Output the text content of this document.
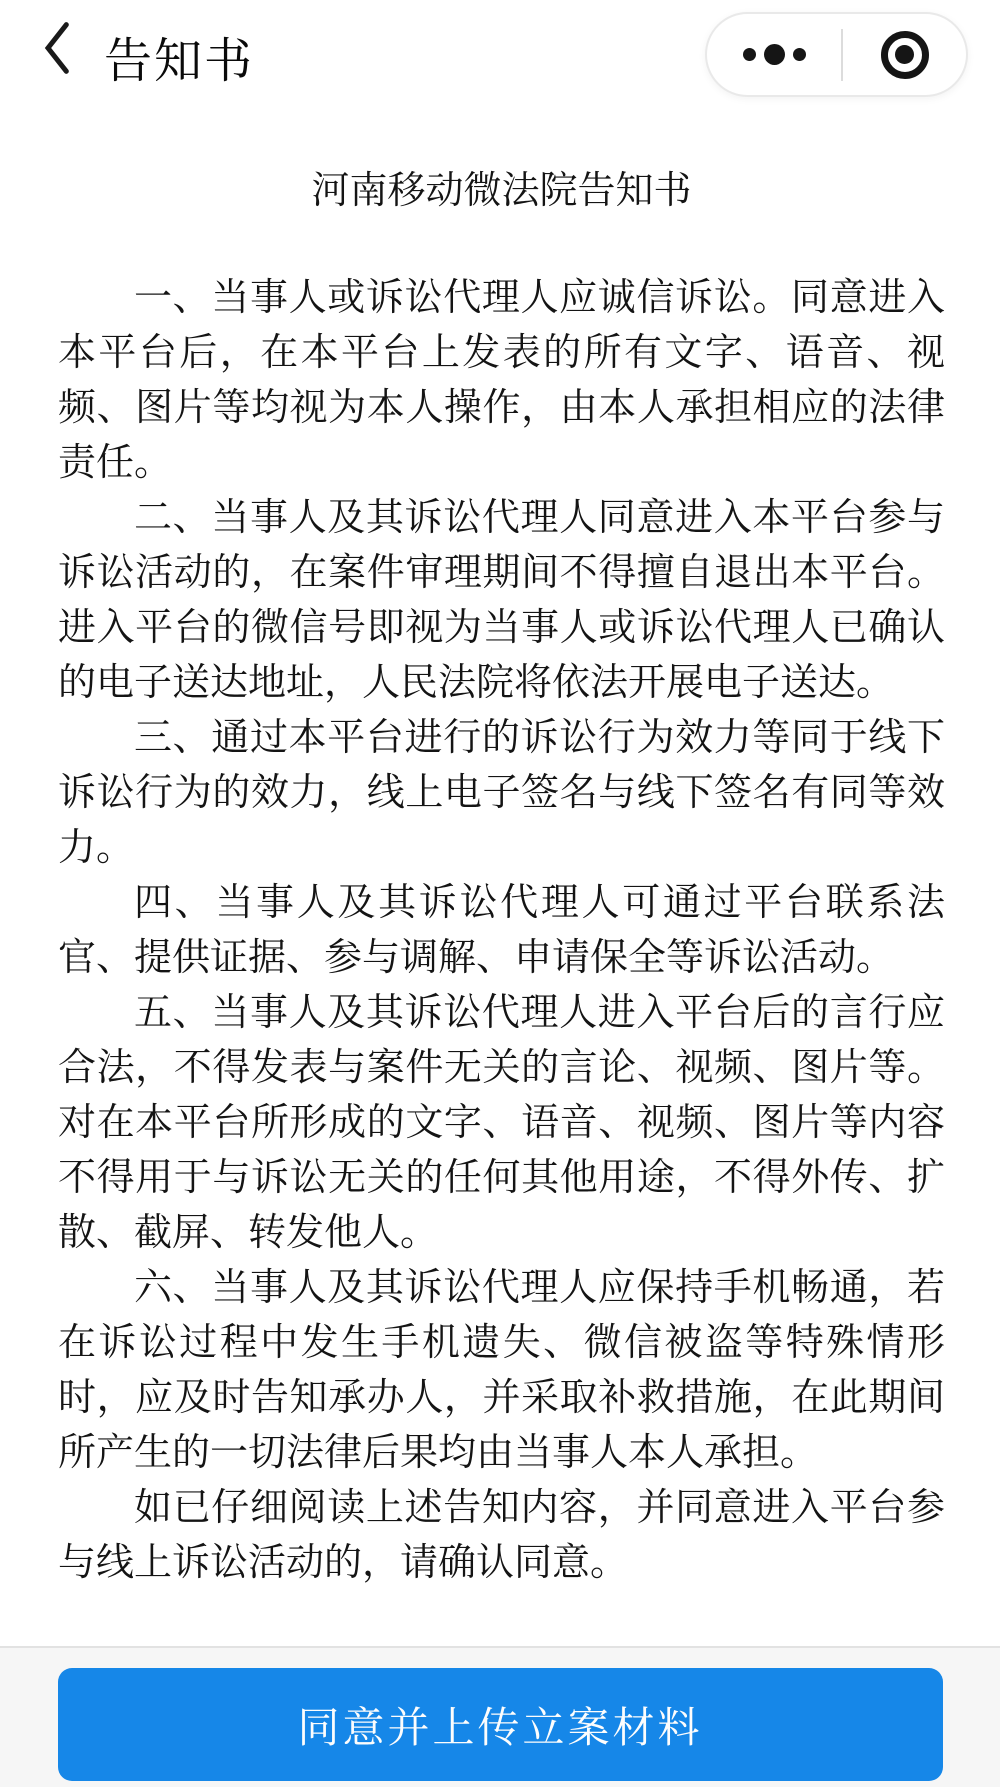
告知书
河南移动微法院告知书

一、当事人或诉讼代理人应诚信诉讼。同意进入本平台后，在本平台上发表的所有文字、语音、视频、图片等均视为本人操作，由本人承担相应的法律责任。

二、当事人及其诉讼代理人同意进入本平台参与诉讼活动的，在案件审理期间不得擅自退出本平台。进入平台的微信号即视为当事人或诉讼代理人已确认的电子送达地址，人民法院将依法开展电子送达。

三、通过本平台进行的诉讼行为效力等同于线下诉讼行为的效力，线上电子签名与线下签名有同等效力。

四、当事人及其诉讼代理人可通过平台联系法官、提供证据、参与调解、申请保全等诉讼活动。

五、当事人及其诉讼代理人进入平台后的言行应合法，不得发表与案件无关的言论、视频、图片等。对在本平台所形成的文字、语音、视频、图片等内容不得用于与诉讼无关的任何其他用途，不得外传、扩散、截屏、转发他人。

六、当事人及其诉讼代理人应保持手机畅通，若在诉讼过程中发生手机遗失、微信被盗等特殊情形时，应及时告知承办人，并采取补救措施，在此期间所产生的一切法律后果均由当事人本人承担。

如已仔细阅读上述告知内容，并同意进入平台参与线上诉讼活动的，请确认同意。

同意并上传立案材料
